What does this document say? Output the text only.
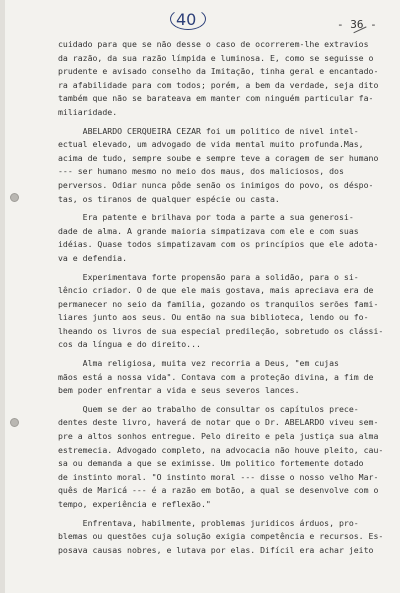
40	- 36 -
cuidado para que se não desse o caso de ocorrerem-lhe extravios
da razão, da sua razão límpida e luminosa. E, como se seguisse o
prudente e avisado conselho da Imitação, tinha geral e encantado-
ra afabilidade para com todos; porém, a bem da verdade, seja dito
também que não se barateava em manter com ninguém particular fa-
miliaridade.
ABELARDO CERQUEIRA CEZAR foi um politico de nivel intel-
ectual elevado, um advogado de vida mental muito profunda.Mas,
acima de tudo, sempre soube e sempre teve a coragem de ser humano
--- ser humano mesmo no meio dos maus, dos maliciosos, dos
perversos. Odiar nunca pôde senão os inimigos do povo, os déspo-
tas, os tiranos de qualquer espécie ou casta.
Era patente e brilhava por toda a parte a sua generosi-
dade de alma. A grande maioria simpatizava com ele e com suas
idéias. Quase todos simpatizavam com os princípios que ele adota-
va e defendia.
Experimentava forte propensão para a solidão, para o si-
lêncio criador. O de que ele mais gostava, mais apreciava era de
permanecer no seio da familia, gozando os tranquilos serões fami-
liares junto aos seus. Ou então na sua biblioteca, lendo ou fo-
lheando os livros de sua especial predileção, sobretudo os clássi-
cos da língua e do direito...
Alma religiosa, muita vez recorria a Deus, "em cujas
mãos está a nossa vida". Contava com a proteção divina, a fim de
bem poder enfrentar a vida e seus severos lances.
Quem se der ao trabalho de consultar os capítulos prece-
dentes deste livro, haverá de notar que o Dr. ABELARDO viveu sem-
pre a altos sonhos entregue. Pelo direito e pela justiça sua alma
estremecia. Advogado completo, na advocacia não houve pleito, cau-
sa ou demanda a que se eximisse. Um politico fortemente dotado
de instinto moral. "O instinto moral --- disse o nosso velho Mar-
quês de Maricá --- é a razão em botão, a qual se desenvolve com o
tempo, experiência e reflexão."
Enfrentava, habilmente, problemas juridicos árduos, pro-
blemas ou questões cuja solução exigia competência e recursos. Es-
posava causas nobres, e lutava por elas. Difícil era achar jeito
